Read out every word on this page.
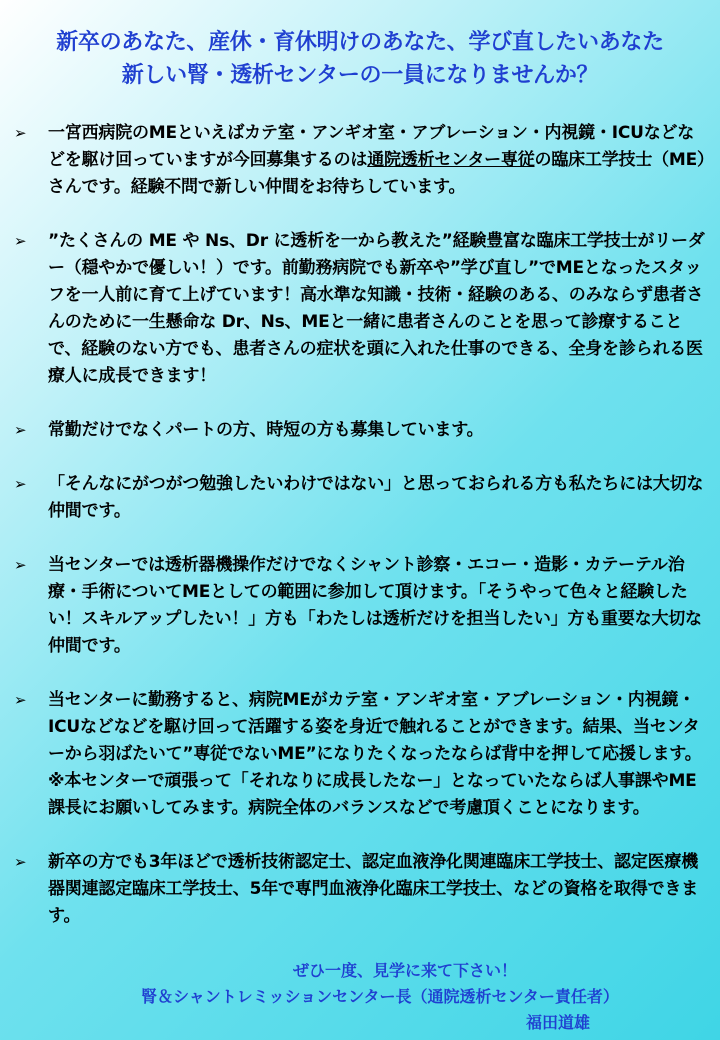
新卒のあなた、産休・育休明けのあなた、学び直したいあなた
新しい腎・透析センターの一員になりませんか？
➢ 一宮西病院のMEといえばカテ室・アンギオ室・アブレーション・内視鏡・ICUなどなどを駆け回っていますが今回募集するのは通院透析センター専従の臨床工学技士（ME）さんです。経験不問で新しい仲間をお待ちしています。
➢ ”たくさんの ME や Ns、Dr に透析を一から教えた”経験豊富な臨床工学技士がリーダー（穏やかで優しい！）です。前勤務病院でも新卒や”学び直し”でMEとなったスタッフを一人前に育て上げています！高水準な知識・技術・経験のある、のみならず患者さんのために一生懸命な Dr、Ns、MEと一緒に患者さんのことを思って診療することで、経験のない方でも、患者さんの症状を頭に入れた仕事のできる、全身を診られる医療人に成長できます！
➢ 常勤だけでなくパートの方、時短の方も募集しています。
➢ 「そんなにがつがつ勉強したいわけではない」と思っておられる方も私たちには大切な仲間です。
➢ 当センターでは透析器機操作だけでなくシャント診察・エコー・造影・カテーテル治療・手術についてMEとしての範囲に参加して頂けます。「そうやって色々と経験したい！スキルアップしたい！」方も「わたしは透析だけを担当したい」方も重要な大切な仲間です。
➢ 当センターに勤務すると、病院MEがカテ室・アンギオ室・アブレーション・内視鏡・ICUなどなどを駆け回って活躍する姿を身近で触れることができます。結果、当センターから羽ばたいて”専従でないME”になりたくなったならば背中を押して応援します。※本センターで頑張って「それなりに成長したなー」となっていたならば人事課やME課長にお願いしてみます。病院全体のバランスなどで考慮頂くことになります。
➢ 新卒の方でも3年ほどで透析技術認定士、認定血液浄化関連臨床工学技士、認定医療機器関連認定臨床工学技士、5年で専門血液浄化臨床工学技士、などの資格を取得できます。
ぜひ一度、見学に来て下さい！
腎＆シャントレミッションセンター長（通院透析センター責任者）
福田道雄
